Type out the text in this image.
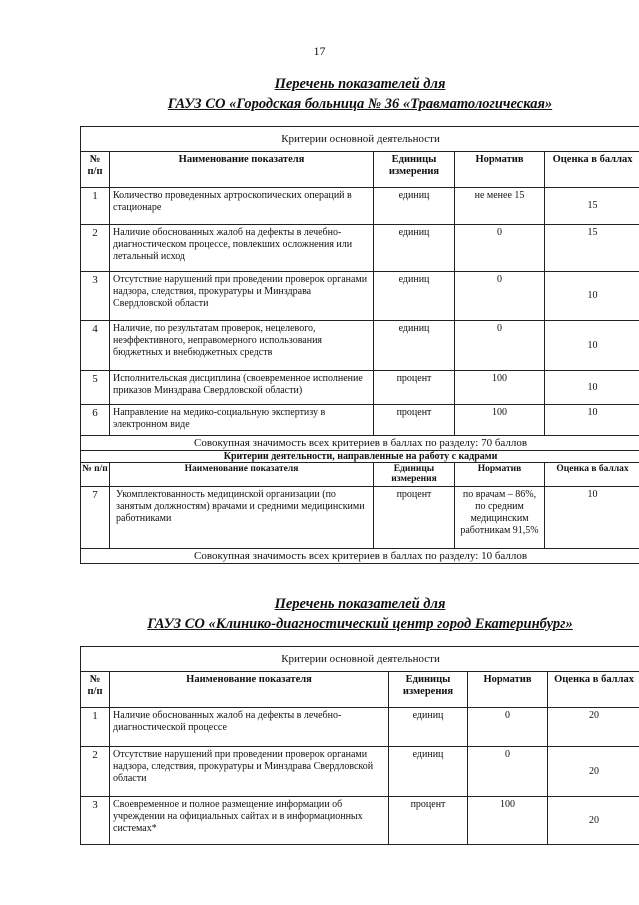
17
Перечень показателей для
ГАУЗ СО «Городская больница № 36 «Травматологическая»
Критерии основной деятельности				
№ п/п	Наименование показателя	Единицы измерения	Норматив	Оценка в баллах
1	Количество проведенных артроскопических операций в стационаре	единиц	не менее 15	15
2	Наличие обоснованных жалоб на дефекты в лечебно-диагностическом процессе, повлекших осложнения или летальный исход	единиц	0	15
3	Отсутствие нарушений при проведении проверок органами надзора, следствия, прокуратуры и Минздрава Свердловской области	единиц	0	10
4	Наличие, по результатам проверок, нецелевого, неэффективного, неправомерного использования бюджетных и внебюджетных средств	единиц	0	10
5	Исполнительская дисциплина (своевременное исполнение приказов Минздрава Свердловской области)	процент	100	10
6	Направление на медико-социальную экспертизу в электронном виде	процент	100	10
Совокупная значимость всех критериев в баллах по разделу: 70 баллов				
Критерии деятельности, направленные на работу с кадрами				
№ п/п	Наименование показателя	Единицы измерения	Норматив	Оценка в баллах
7	Укомплектованность медицинской организации (по занятым должностям) врачами и средними медицинскими работниками	процент	по врачам – 86%, по средним медицинским работникам 91,5%	10
Совокупная значимость всех критериев в баллах по разделу: 10 баллов				
Перечень показателей для
ГАУЗ СО «Клинико-диагностический центр город Екатеринбург»
Критерии основной деятельности				
№ п/п	Наименование показателя	Единицы измерения	Норматив	Оценка в баллах
1	Наличие обоснованных жалоб на дефекты в лечебно-диагностической процессе	единиц	0	20
2	Отсутствие нарушений при проведении проверок органами надзора, следствия, прокуратуры и Минздрава Свердловской области	единиц	0	20
3	Своевременное и полное размещение информации об учреждении на официальных сайтах и в информационных системах*	процент	100	20
